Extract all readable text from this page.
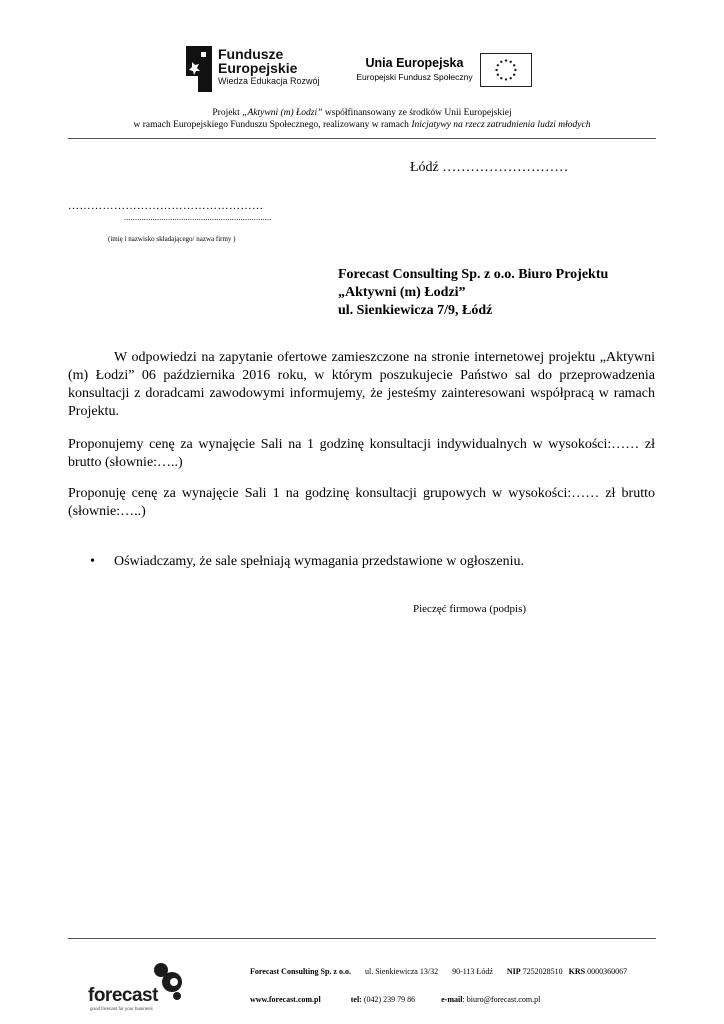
Fundusze
Europejskie
Wiedza Edukacja Rozwój
Unia Europejska
Europejski Fundusz Społeczny
Projekt „Aktywni (m) Łodzi” współfinansowany ze środków Unii Europejskiej
w ramach Europejskiego Funduszu Społecznego, realizowany w ramach Inicjatywy na rzecz zatrudnienia ludzi młodych
Łódź ………………………
……………………………………………
...................................................................
(imię i nazwisko składającego/ nazwa firmy )
Forecast Consulting Sp. z o.o. Biuro Projektu
„Aktywni (m) Łodzi”
ul. Sienkiewicza 7/9, Łódź
W odpowiedzi na zapytanie ofertowe zamieszczone na stronie internetowej projektu „Aktywni (m) Łodzi” 06 października 2016 roku, w którym poszukujecie Państwo sal do przeprowadzenia konsultacji z doradcami zawodowymi informujemy, że jesteśmy zainteresowani współpracą w ramach Projektu.
Proponujemy cenę za wynajęcie Sali na 1 godzinę konsultacji indywidualnych w wysokości:…… zł brutto (słownie:…..)
Proponuję cenę za wynajęcie Sali 1 na godzinę konsultacji grupowych w wysokości:…… zł brutto (słownie:…..)
• Oświadczamy, że sale spełniają wymagania przedstawione w ogłoszeniu.
Pieczęć firmowa (podpis)
forecast
good forecast for your business
Forecast Consulting Sp. z o.o. ul. Sienkiewicza 13/32 90-113 Łódź NIP 7252028510 KRS 0000360067
www.forecast.com.pl	tel: (042) 239 79 86	e-mail: biuro@forecast.com.pl
